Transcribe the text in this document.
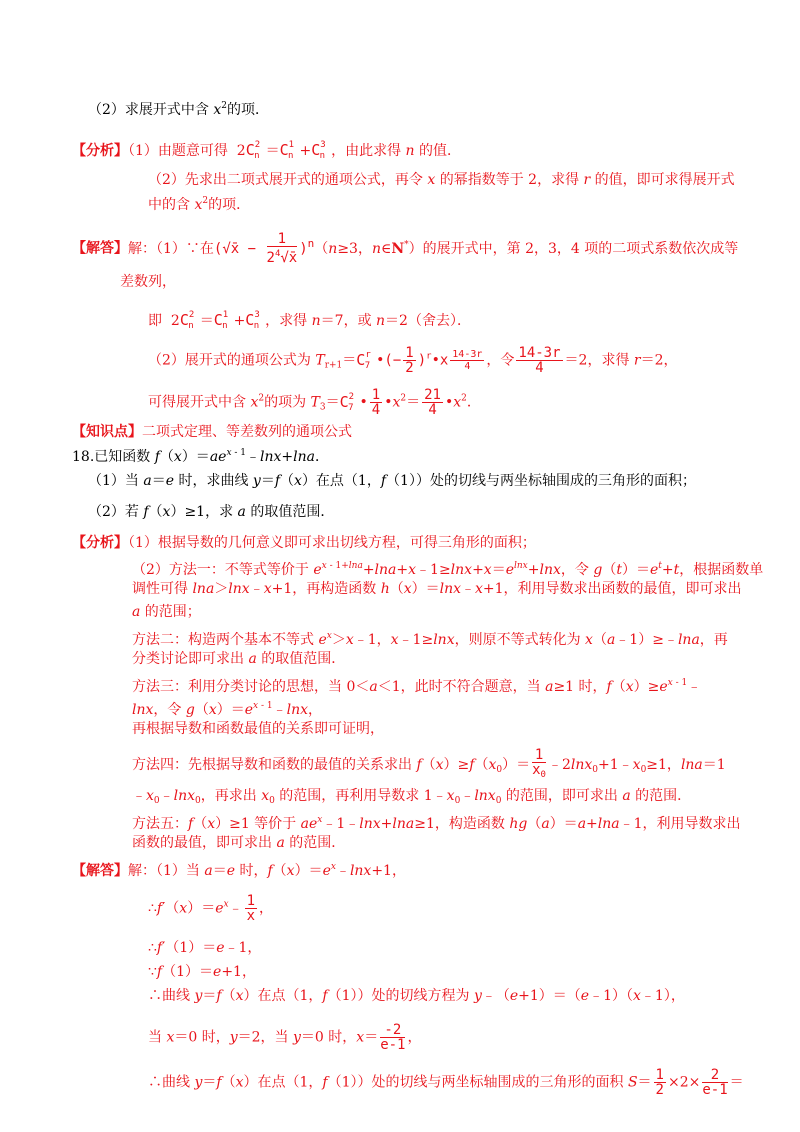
（2）求展开式中含 $x^2$的项．
【分析】（1）由题意可得  $2C^2_n =C^1_n +C^3_n$ ，由此求得 n 的值．
（2）先求出二项式展开式的通项公式，再令 x 的幂指数等于 2，求得 r 的值，即可求得展开式
中的含 $x^2$的项．
【解答】解：（1）∵在(√x̄ − $\frac{1}{2^4√x̄} )^n(n\ge 3$，n∈N*）的展开式中，第 2，3，4 项的二项式系数依次成等
差数列，
即  $2C^2_n =C^1_n +C^3_n$ ，求得 n＝7，或 n＝2（舍去）．
（2）展开式的通项公式为 $T_{r+1}=C^r_7$ •(− $\frac{1}{2}$ )$^r$•x $\frac{14-3r}{4}$ ，令 $\frac{14-3r}{4} =2$，求得 r＝2，
可得展开式中含 $x^2$的项为 $T_3=C^2_7$ • $\frac{1}{4}$ $•x^2= \frac{21}{4}$ $•x^2$．
【知识点】二项式定理、等差数列的通项公式
18.已知函数 $f(x)=ae^{x - 1}﹣\ln x+\ln a$．
（1）当 a＝e 时，求曲线 y＝f（x）在点（1，f（1））处的切线与两坐标轴围成的三角形的面积；
（2）若 f（x）≥1，求 a 的取值范围．
【分析】（1）根据导数的几何意义即可求出切线方程，可得三角形的面积；
（2）方法一：不等式等价于 $e^{x - 1+lna}+\ln a+x﹣1\ge\ln x+x=e^{lnx}+\ln x$，令 $g(t)=e^t+t$，根据函数单
调性可得 lna＞lnx﹣x+1，再构造函数 h（x）＝lnx﹣x+1，利用导数求出函数的最值，即可求出
a 的范围；
方法二：构造两个基本不等式 $e^x>x﹣1$，x﹣1≥lnx，则原不等式转化为 x（a﹣1）≥﹣lna，再
分类讨论即可求出 a 的取值范围．
方法三：利用分类讨论的思想，当 0＜a＜1，此时不符合题意，当 a≥1 时，$f(x)\ge e^{x - 1}﹣$
lnx，令 $g(x)=e^{x - 1}﹣\ln x$，
再根据导数和函数最值的关系即可证明，
方法四：先根据导数和函数的最值的关系求出 $f(x)\ge f(x_0)= \frac{1}{x_0}$ $﹣2\ln x_0+1﹣x_0\ge 1$，lna＝1
$﹣x_0﹣\ln x_0$，再求出 $x_0$ 的范围，再利用导数求 $1﹣x_0﹣\ln x_0$ 的范围，即可求出 a 的范围．
方法五：f（x）≥1 等价于 $ae^x﹣1﹣\ln x+\ln a\ge 1$，构造函数 hg（a）＝a+lna﹣1，利用导数求出
函数的最值，即可求出 a 的范围．
【解答】解：（1）当 a＝e 时，$f(x)=e^x﹣\ln x+1$，
$\therefore f'(x)=e^x﹣ \frac{1}{x}$ ，
∴f′（1）＝e﹣1，
∵f（1）＝e+1，
∴曲线 y＝f（x）在点（1，f（1））处的切线方程为 y﹣（e+1）＝（e﹣1）（x﹣1），
当 x＝0 时，y＝2，当 y＝0 时，$x= \frac{-2}{e-1}$ ，
∴曲线 y＝f（x）在点（1，f（1））处的切线与两坐标轴围成的三角形的面积 $S= \frac{1}{2} \times 2\times \frac{2}{e-1}$ ＝
